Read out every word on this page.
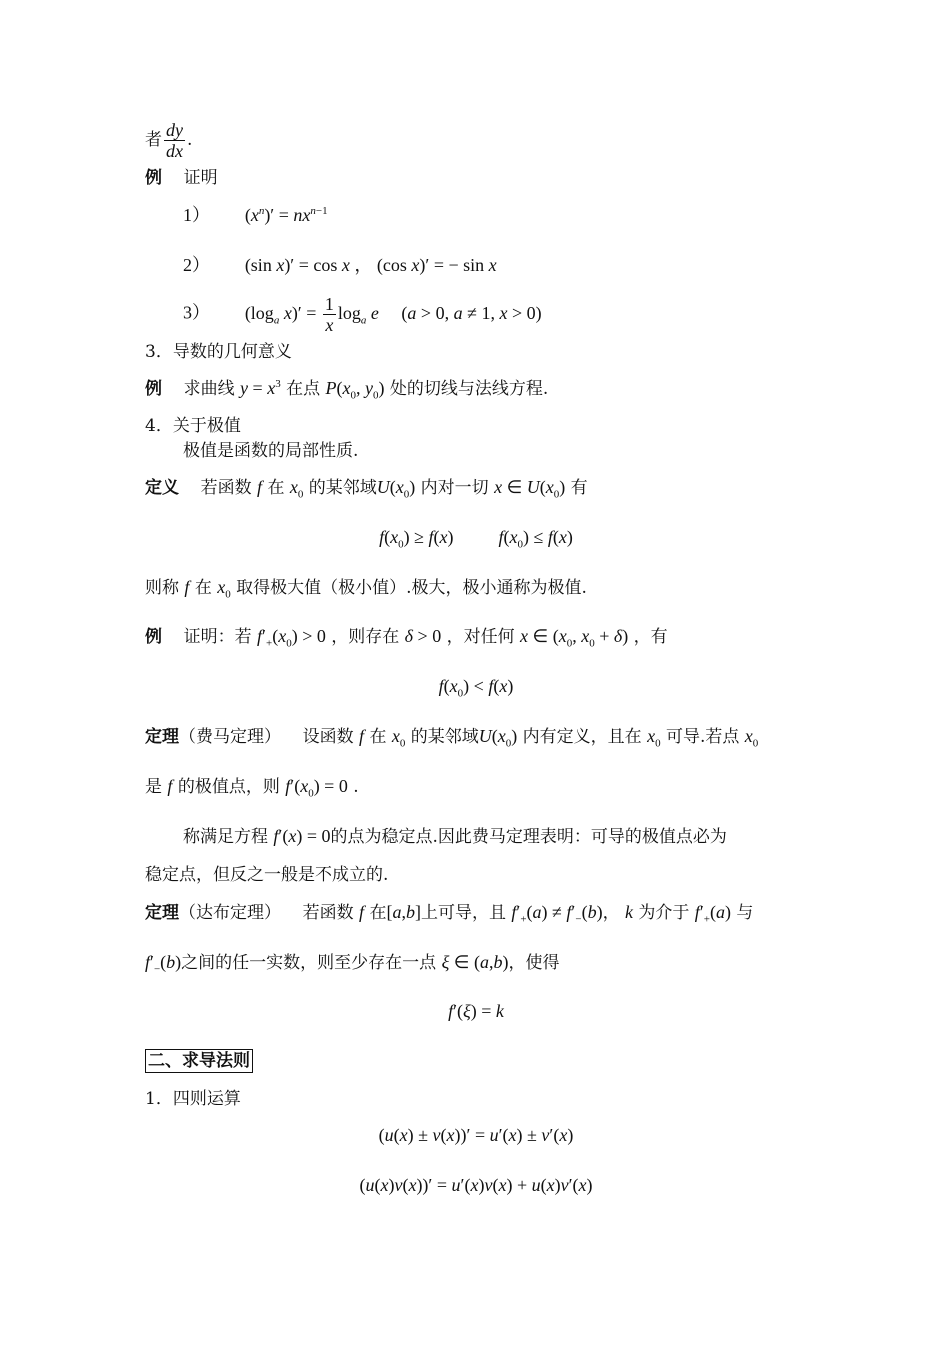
者 $\frac{dy}{dx}$ .
例 证明
1） $(x^n)' = nx^{n-1}$
2） (sin x)′ = cos x ， (cos x)′ = − sin x
3） ($\log_a$ $x)' = \frac{1}{x} \log_a e$     (a > 0, a ≠ 1, x > 0)
3．导数的几何意义
例 求曲线 $y = x^3$ 在点 $P(x_0$, $y_0$) 处的切线与法线方程.
4．关于极值
极值是函数的局部性质.
定义 若函数 f 在 $x_0$ 的某邻域$U(x_0)$ 内对一切 x ∈ $U(x_0)$ 有
$f(x_0) \ge f(x)$          $f(x_0) \le f(x)$
则称 f 在 $x_0$ 取得极大值（极小值）.极大，极小通称为极值.
例 证明：若 $f'_+(x_0) > 0$ ，则存在 δ > 0 ，对任何 x ∈ ($x_0$, $x_0 + \delta$) ，有
$f(x_0) < f(x)$
定理（费马定理） 设函数 f 在 $x_0$ 的某邻域$U(x_0)$ 内有定义，且在 $x_0$ 可导.若点 $x_0$
是 f 的极值点，则 $f'(x_0) = 0$ .
称满足方程 f′(x) = 0的点为稳定点.因此费马定理表明：可导的极值点必为
稳定点，但反之一般是不成立的.
定理（达布定理） 若函数 f 在[a,b]上可导，且 $f'_+(a) \ne f'_-(b)$， k 为介于 $f'_+(a)$ 与
$f'_-(b)$之间的任一实数，则至少存在一点 ξ ∈ (a,b)，使得
f′(ξ) = k
二、求导法则
1．四则运算
(u(x) ± v(x))′ = u′(x) ± v′(x)
(u(x)v(x))′ = u′(x)v(x) + u(x)v′(x)
